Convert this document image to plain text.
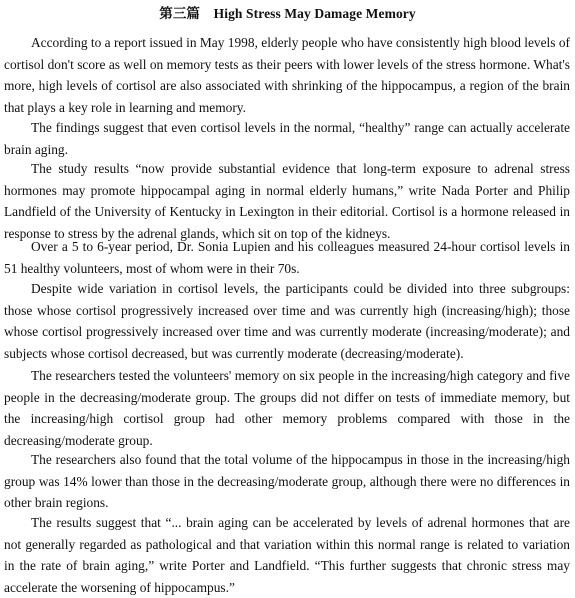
第三篇　High Stress May Damage Memory

According to a report issued in May 1998, elderly people who have consistently high blood levels of cortisol don't score as well on memory tests as their peers with lower levels of the stress hormone. What's more, high levels of cortisol are also associated with shrinking of the hippocampus, a region of the brain that plays a key role in learning and memory.

The findings suggest that even cortisol levels in the normal, “healthy” range can actually accelerate brain aging.

The study results “now provide substantial evidence that long-term exposure to adrenal stress hormones may promote hippocampal aging in normal elderly humans,” write Nada Porter and Philip Landfield of the University of Kentucky in Lexington in their editorial. Cortisol is a hormone released in response to stress by the adrenal glands, which sit on top of the kidneys.

Over a 5 to 6-year period, Dr. Sonia Lupien and his colleagues measured 24-hour cortisol levels in 51 healthy volunteers, most of whom were in their 70s.

Despite wide variation in cortisol levels, the participants could be divided into three subgroups: those whose cortisol progressively increased over time and was currently high (increasing/high); those whose cortisol progressively increased over time and was currently moderate (increasing/moderate); and subjects whose cortisol decreased, but was currently moderate (decreasing/moderate).

The researchers tested the volunteers' memory on six people in the increasing/high category and five people in the decreasing/moderate group. The groups did not differ on tests of immediate memory, but the increasing/high cortisol group had other memory problems compared with those in the decreasing/moderate group.

The researchers also found that the total volume of the hippocampus in those in the increasing/high group was 14% lower than those in the decreasing/moderate group, although there were no differences in other brain regions.

The results suggest that “... brain aging can be accelerated by levels of adrenal hormones that are not generally regarded as pathological and that variation within this normal range is related to variation in the rate of brain aging,” write Porter and Landfield. “This further suggests that chronic stress may accelerate the worsening of hippocampus.”
